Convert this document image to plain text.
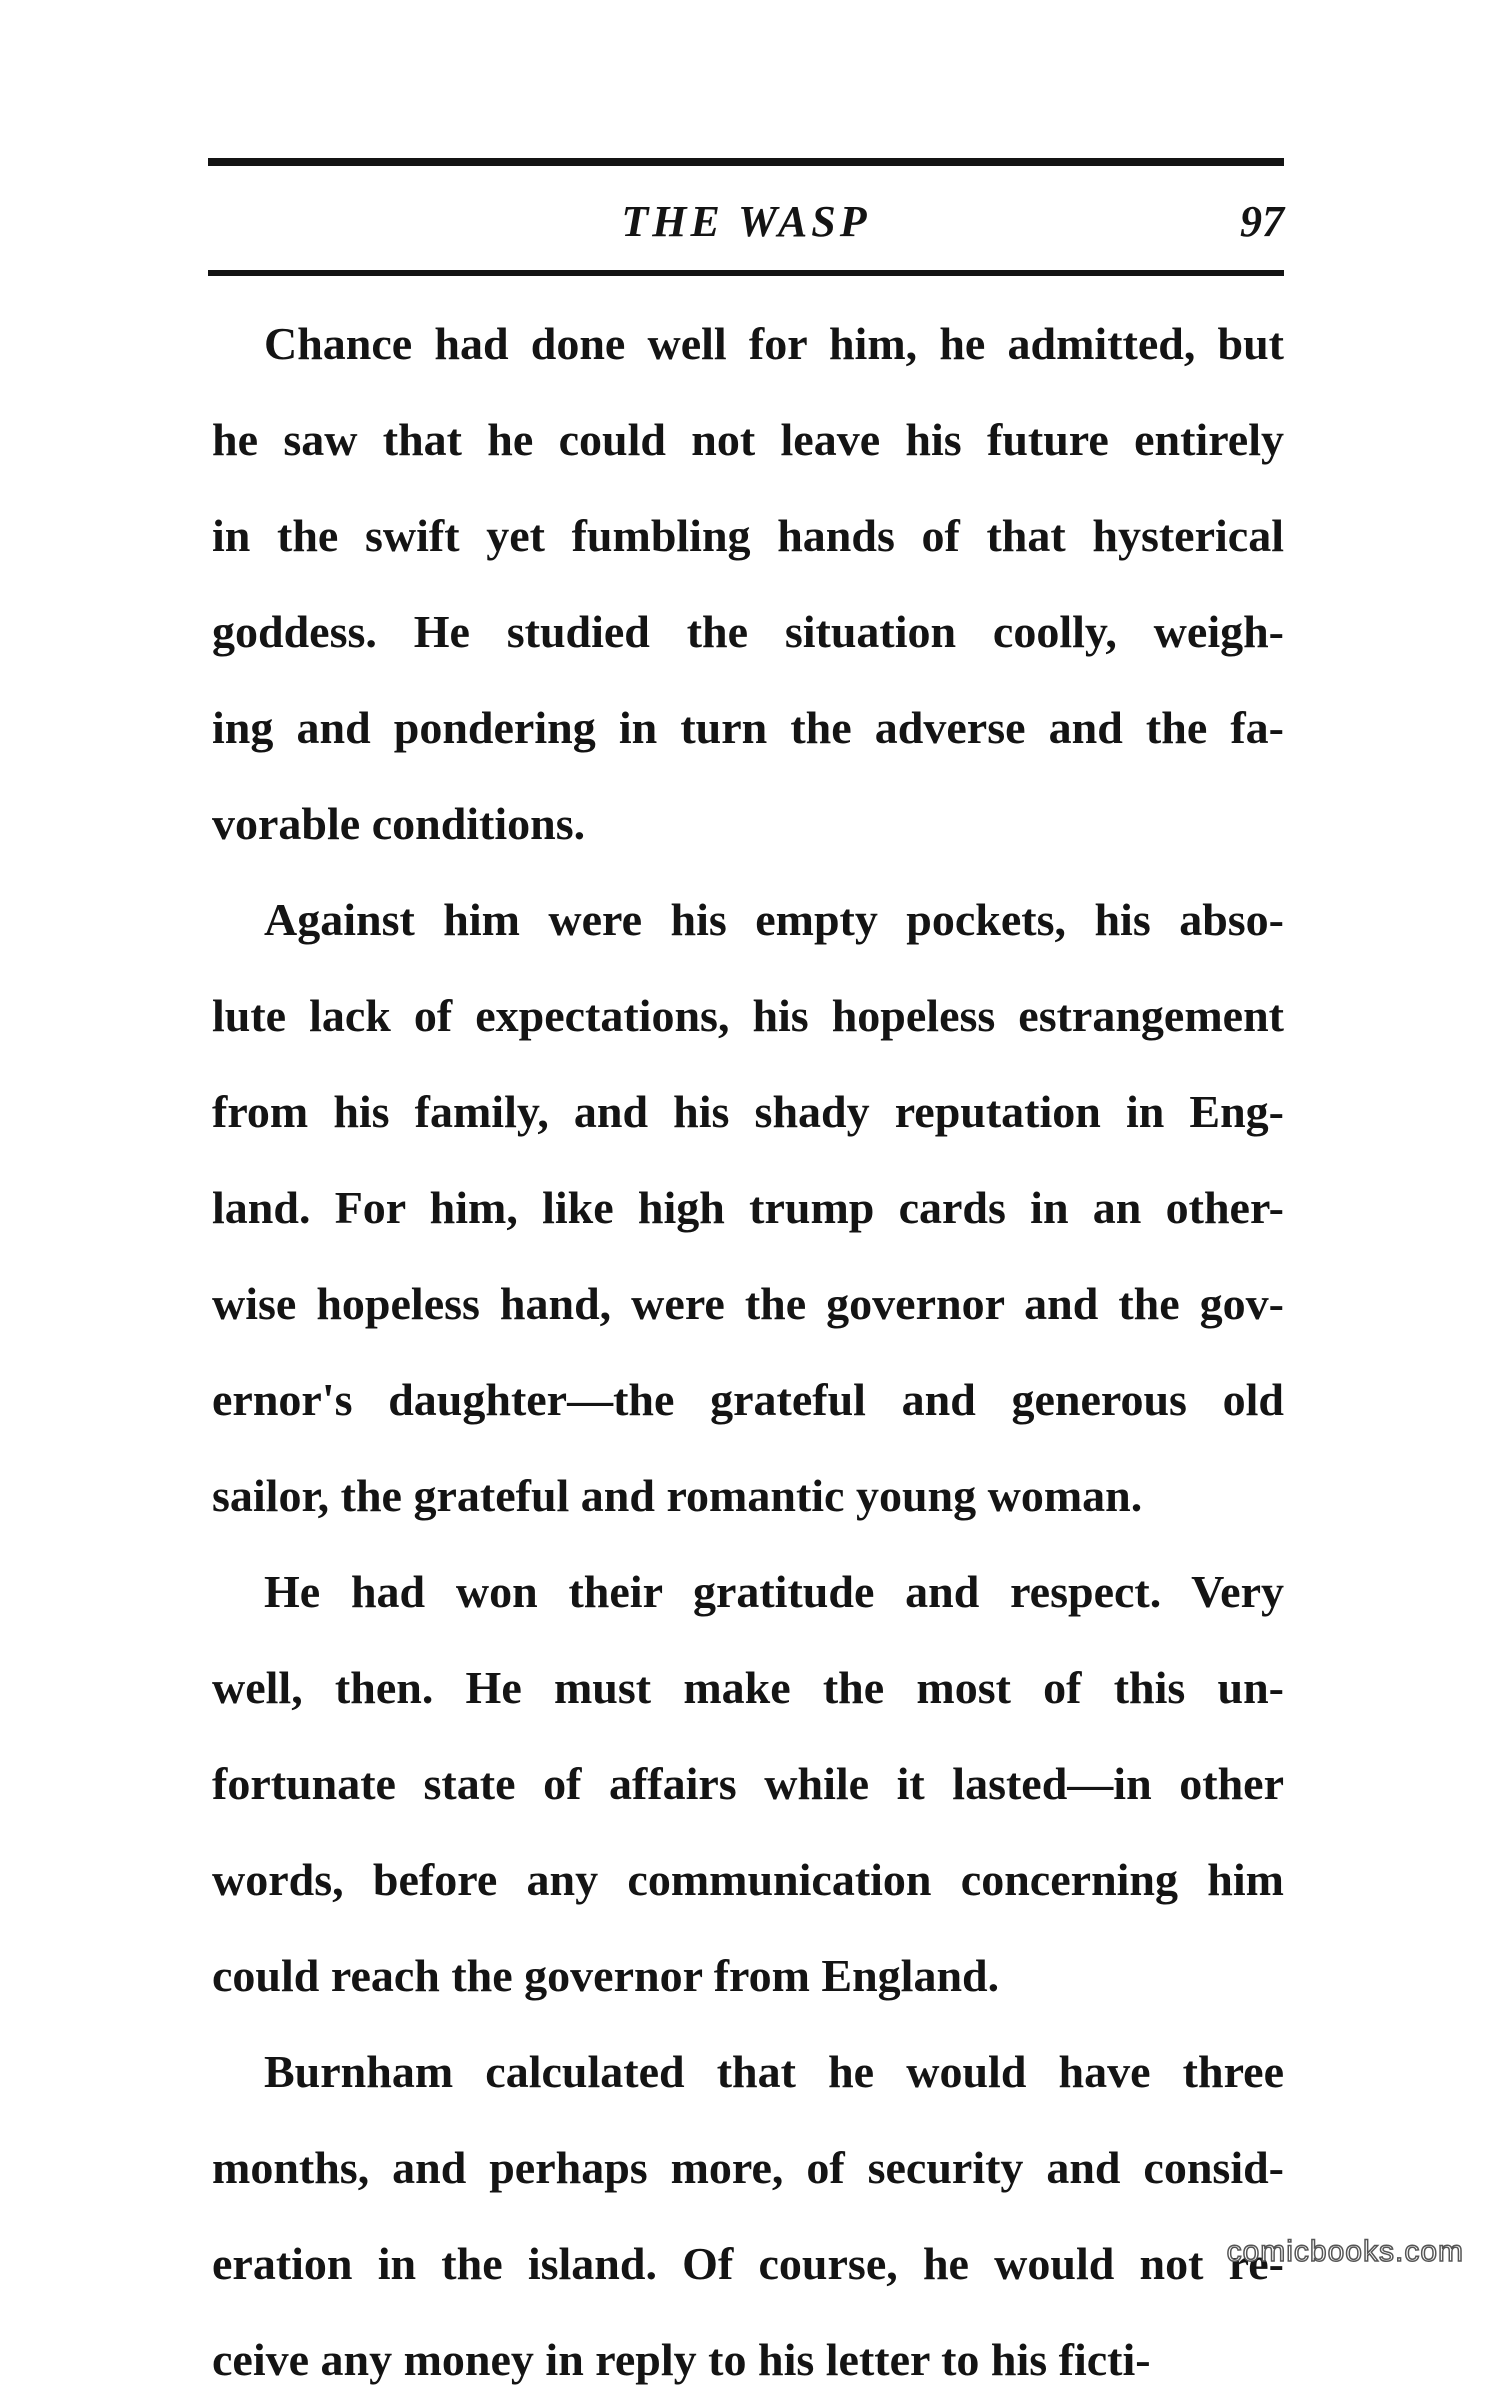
THE WASP	97
Chance had done well for him, he admitted, but
he saw that he could not leave his future entirely
in the swift yet fumbling hands of that hysterical
goddess. He studied the situation coolly, weigh-
ing and pondering in turn the adverse and the fa-
vorable conditions.
Against him were his empty pockets, his abso-
lute lack of expectations, his hopeless estrangement
from his family, and his shady reputation in Eng-
land. For him, like high trump cards in an other-
wise hopeless hand, were the governor and the gov-
ernor's daughter—the grateful and generous old
sailor, the grateful and romantic young woman.
He had won their gratitude and respect. Very
well, then. He must make the most of this un-
fortunate state of affairs while it lasted—in other
words, before any communication concerning him
could reach the governor from England.
Burnham calculated that he would have three
months, and perhaps more, of security and consid-
eration in the island. Of course, he would not re-
ceive any money in reply to his letter to his ficti-
comicbooks.com
